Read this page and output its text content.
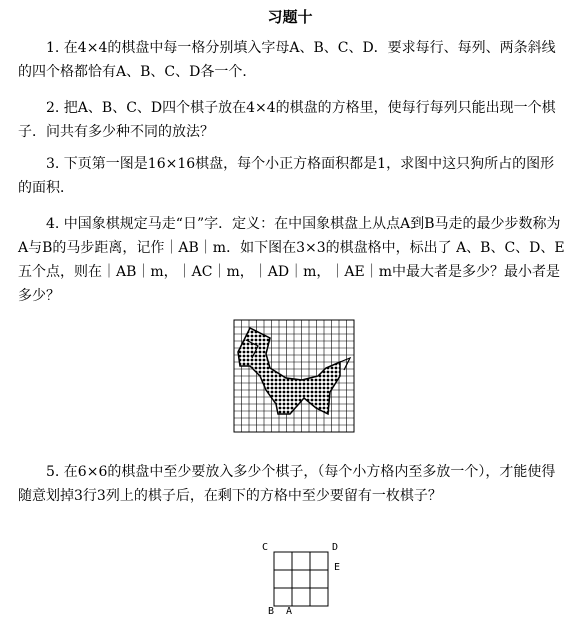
习题十
1. 在4×4的棋盘中每一格分别填入字母A、B、C、D．要求每行、每列、两条斜线的四个格都恰有A、B、C、D各一个．
2. 把A、B、C、D四个棋子放在4×4的棋盘的方格里，使每行每列只能出现一个棋子．问共有多少种不同的放法？
3. 下页第一图是16×16棋盘，每个小正方格面积都是1，求图中这只狗所占的图形的面积．
4. 中国象棋规定马走“日”字．定义：在中国象棋盘上从点A到B马走的最少步数称为A与B的马步距离，记作｜AB｜m．如下图在3×3的棋盘格中，标出了 A、B、C、D、E五个点，则在｜AB｜m，｜AC｜m，｜AD｜m，｜AE｜m中最大者是多少？最小者是多少？
5. 在6×6的棋盘中至少要放入多少个棋子，（每个小方格内至多放一个），才能使得随意划掉3行3列上的棋子后，在剩下的方格中至少要留有一枚棋子？
C	D
E
B A
